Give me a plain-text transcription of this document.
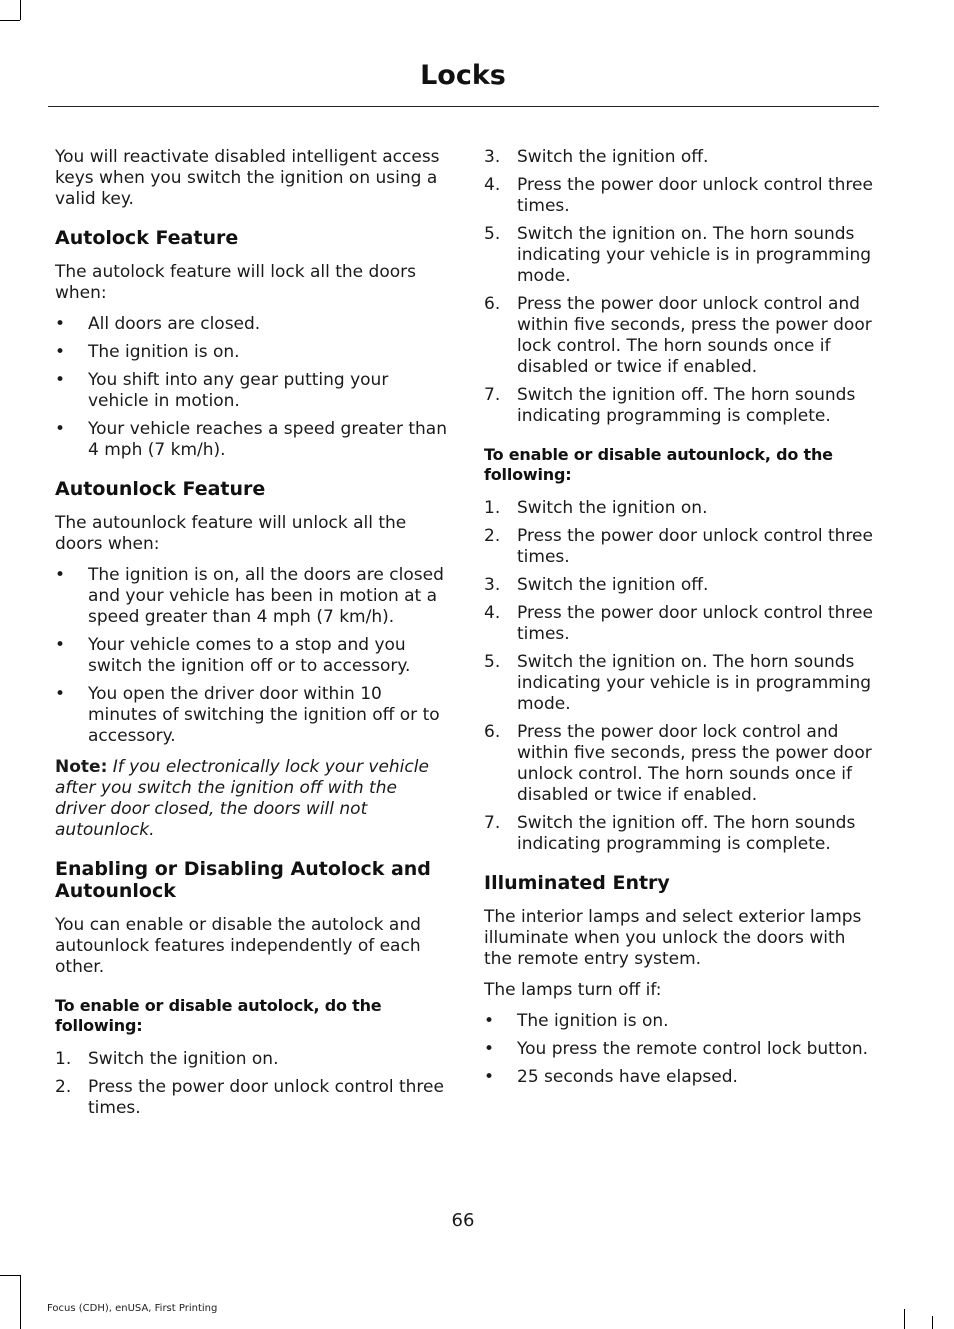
Locks

You will reactivate disabled intelligent access keys when you switch the ignition on using a valid key.

Autolock Feature

The autolock feature will lock all the doors when:

• All doors are closed.
• The ignition is on.
• You shift into any gear putting your vehicle in motion.
• Your vehicle reaches a speed greater than 4 mph (7 km/h).
Autounlock Feature

The autounlock feature will unlock all the doors when:

• The ignition is on, all the doors are closed and your vehicle has been in motion at a speed greater than 4 mph (7 km/h).
• Your vehicle comes to a stop and you switch the ignition off or to accessory.
• You open the driver door within 10 minutes of switching the ignition off or to accessory.

Note: If you electronically lock your vehicle after you switch the ignition off with the driver door closed, the doors will not autounlock.

Enabling or Disabling Autolock and Autounlock

You can enable or disable the autolock and autounlock features independently of each other.

To enable or disable autolock, do the following:
1. Switch the ignition on.
2. Press the power door unlock control three times.
3. Switch the ignition off.
4. Press the power door unlock control three times.
5. Switch the ignition on. The horn sounds indicating your vehicle is in programming mode.
6. Press the power door unlock control and within five seconds, press the power door lock control. The horn sounds once if disabled or twice if enabled.
7. Switch the ignition off. The horn sounds indicating programming is complete.
To enable or disable autounlock, do the following:
1. Switch the ignition on.
2. Press the power door unlock control three times.
3. Switch the ignition off.
4. Press the power door unlock control three times.
5. Switch the ignition on. The horn sounds indicating your vehicle is in programming mode.
6. Press the power door lock control and within five seconds, press the power door unlock control. The horn sounds once if disabled or twice if enabled.
7. Switch the ignition off. The horn sounds indicating programming is complete.
Illuminated Entry

The interior lamps and select exterior lamps illuminate when you unlock the doors with the remote entry system.

The lamps turn off if:

• The ignition is on.
• You press the remote control lock button.
• 25 seconds have elapsed.
66
Focus (CDH), enUSA, First Printing
